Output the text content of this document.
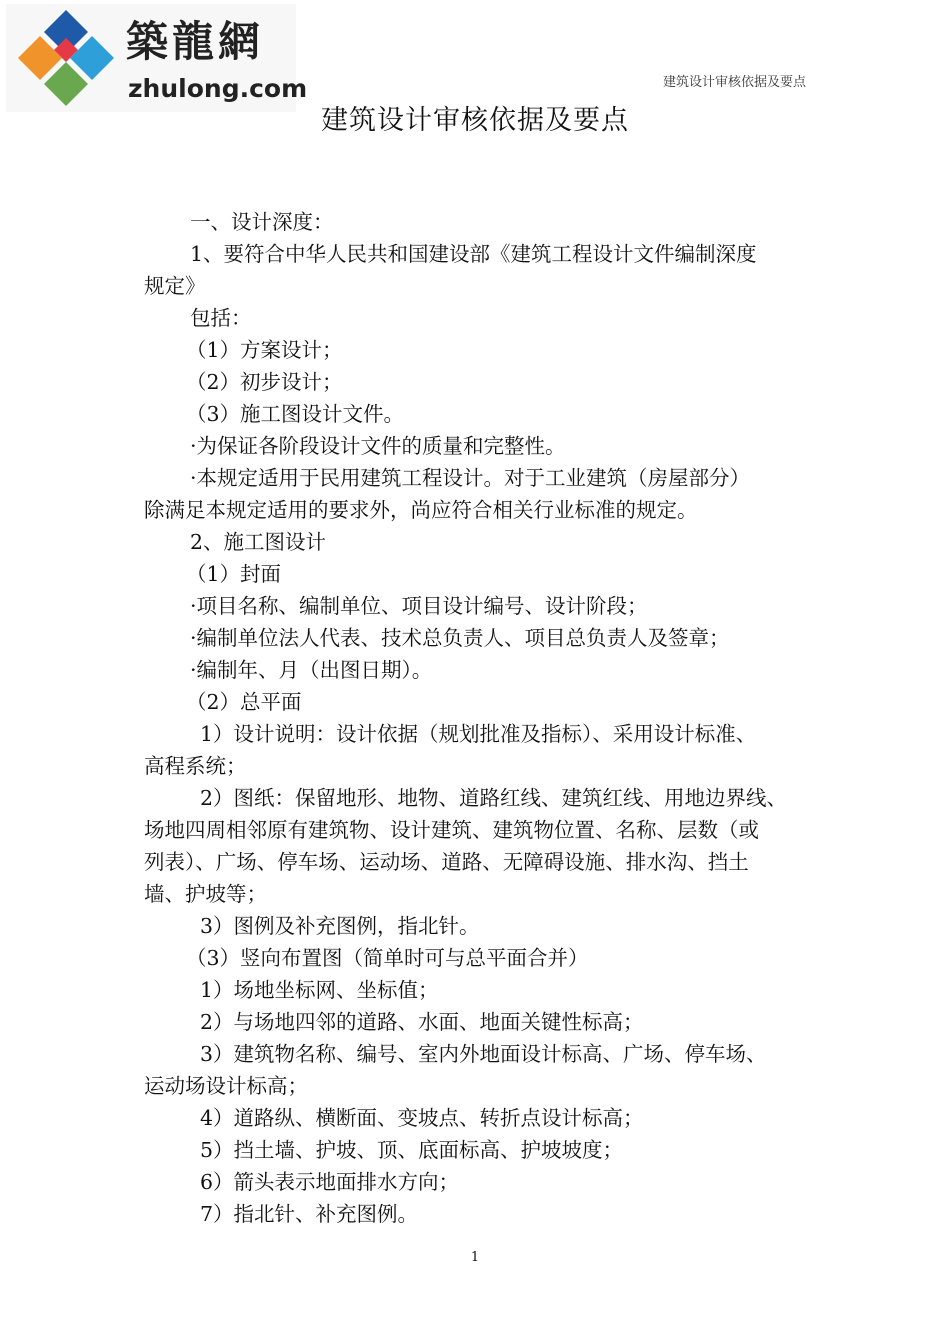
築龍網
zhulong.com	建筑设计审核依据及要点
建筑设计审核依据及要点
一、设计深度：
1、要符合中华人民共和国建设部《建筑工程设计文件编制深度
规定》
包括：
（1）方案设计；
（2）初步设计；
（3）施工图设计文件。
·为保证各阶段设计文件的质量和完整性。
·本规定适用于民用建筑工程设计。对于工业建筑（房屋部分）
除满足本规定适用的要求外，尚应符合相关行业标准的规定。
2、施工图设计
（1）封面
·项目名称、编制单位、项目设计编号、设计阶段；
·编制单位法人代表、技术总负责人、项目总负责人及签章；
·编制年、月（出图日期）。
（2）总平面
1）设计说明：设计依据（规划批准及指标）、采用设计标准、
高程系统；
2）图纸：保留地形、地物、道路红线、建筑红线、用地边界线、
场地四周相邻原有建筑物、设计建筑、建筑物位置、名称、层数（或
列表）、广场、停车场、运动场、道路、无障碍设施、排水沟、挡土
墙、护坡等；
3）图例及补充图例，指北针。
（3）竖向布置图（简单时可与总平面合并）
1）场地坐标网、坐标值；
2）与场地四邻的道路、水面、地面关键性标高；
3）建筑物名称、编号、室内外地面设计标高、广场、停车场、
运动场设计标高；
4）道路纵、横断面、变坡点、转折点设计标高；
5）挡土墙、护坡、顶、底面标高、护坡坡度；
6）箭头表示地面排水方向；
7）指北针、补充图例。
1
